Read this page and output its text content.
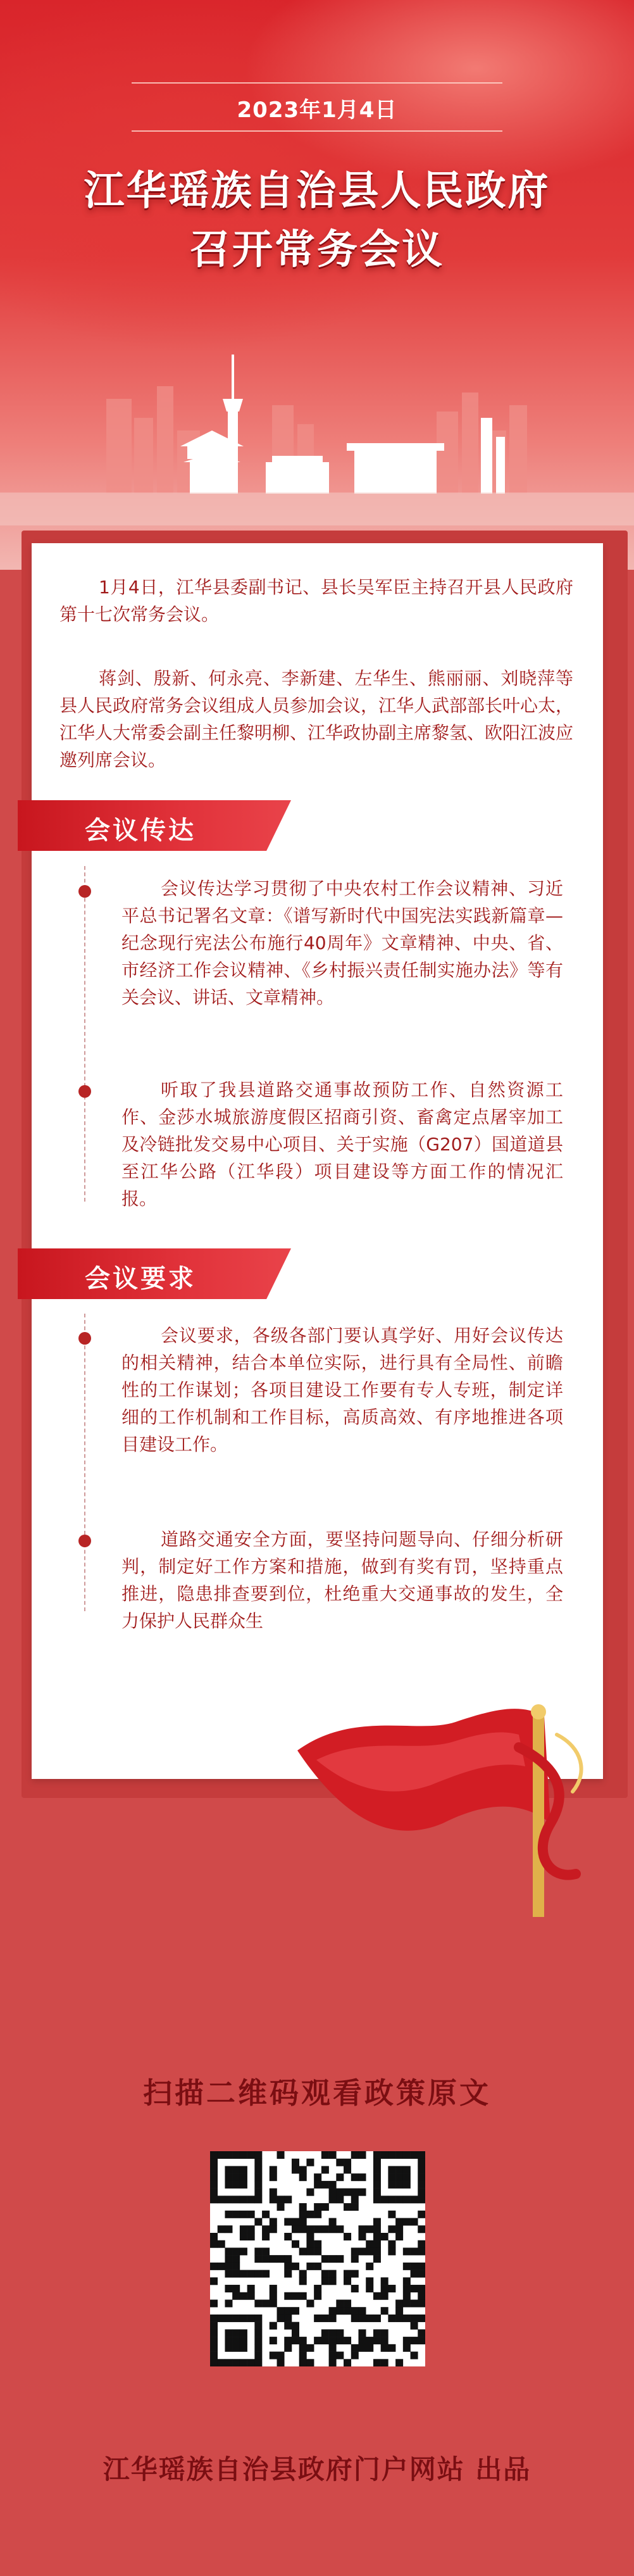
2023年1月4日
江华瑶族自治县人民政府
召开常务会议

1月4日，江华县委副书记、县长吴军臣主持召开县人民政府第十七次常务会议。

蒋剑、殷新、何永亮、李新建、左华生、熊丽丽、刘晓萍等县人民政府常务会议组成人员参加会议，江华人武部部长叶心太，江华人大常委会副主任黎明柳、江华政协副主席黎氢、欧阳江波应邀列席会议。

会议传达

会议传达学习贯彻了中央农村工作会议精神、习近平总书记署名文章：《谱写新时代中国宪法实践新篇章—纪念现行宪法公布施行40周年》文章精神、中央、省、市经济工作会议精神、《乡村振兴责任制实施办法》等有关会议、讲话、文章精神。

听取了我县道路交通事故预防工作、自然资源工作、金莎水城旅游度假区招商引资、畜禽定点屠宰加工及冷链批发交易中心项目、关于实施（G207）国道道县至江华公路（江华段）项目建设等方面工作的情况汇报。

会议要求

会议要求，各级各部门要认真学好、用好会议传达的相关精神，结合本单位实际，进行具有全局性、前瞻性的工作谋划；各项目建设工作要有专人专班，制定详细的工作机制和工作目标，高质高效、有序地推进各项目建设工作。

道路交通安全方面，要坚持问题导向、仔细分析研判，制定好工作方案和措施，做到有奖有罚，坚持重点推进，隐患排查要到位，杜绝重大交通事故的发生，全力保护人民群众生

扫描二维码观看政策原文
江华瑶族自治县政府门户网站 出品
